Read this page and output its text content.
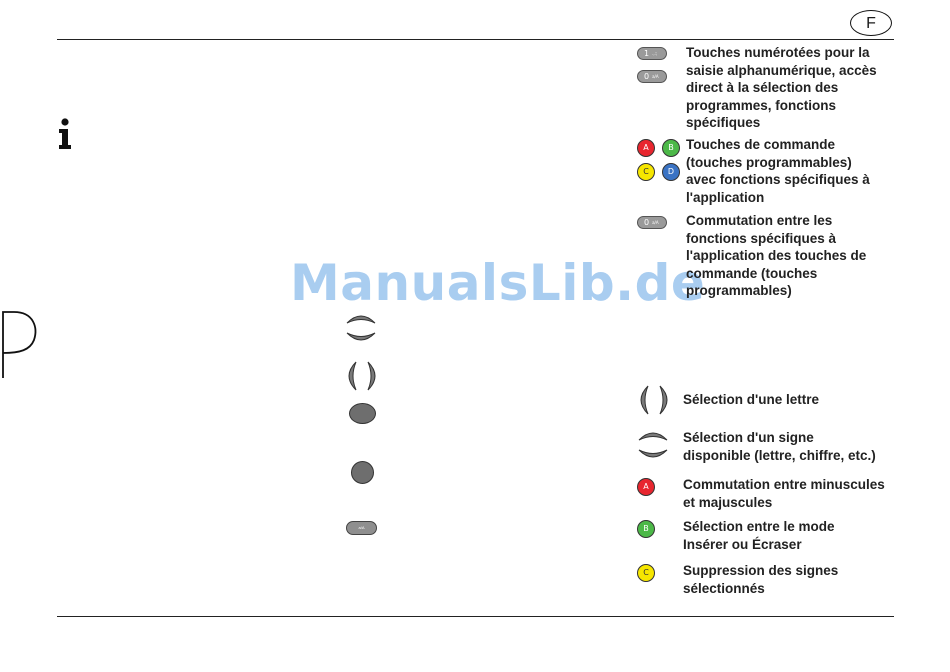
F
ManualsLib.de
a/A
1 .,:;
0 a/A
Touches numérotées pour la
saisie alphanumérique, accès
direct à la sélection des
programmes, fonctions
spécifiques
A	B
C	D
Touches de commande
(touches programmables)
avec fonctions spécifiques à
l'application
0 a/A	Commutation entre les
fonctions spécifiques à
l'application des touches de
commande (touches
programmables)
Sélection d'une lettre
Sélection d'un signe
disponible (lettre, chiffre, etc.)
A	Commutation entre minuscules
et majuscules
B	Sélection entre le mode
Insérer ou Écraser
C	Suppression des signes
sélectionnés
